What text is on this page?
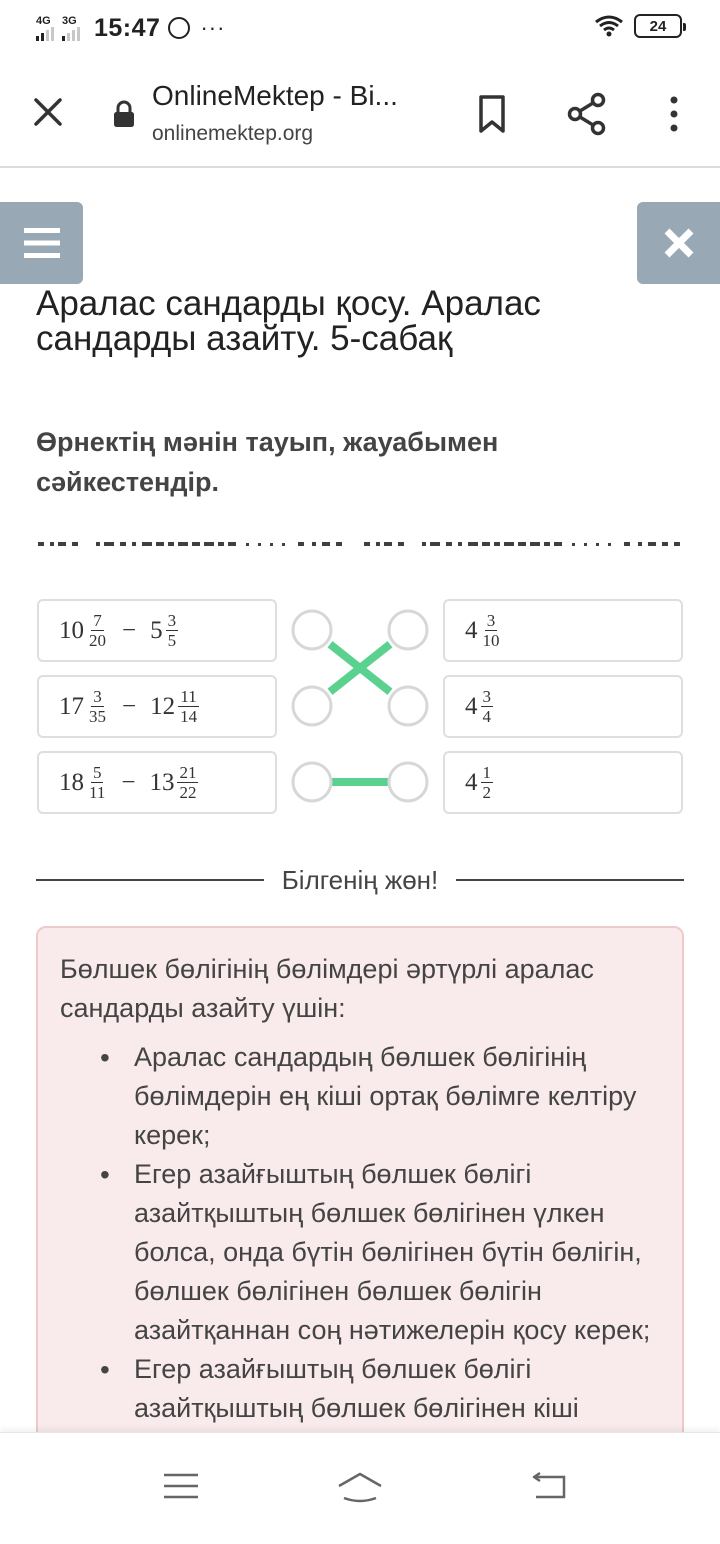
4G 3G 15:47 ···	24
OnlineMektep - Bi...
onlinemektep.org
Аралас сандарды қосу. Аралас сандарды азайту. 5-сабақ
Өрнектің мәнін тауып, жауабымен сәйкестендір.
$10 \frac{7}{20} - 5 \frac{3}{5}$
$17 \frac{3}{35} - 12 \frac{11}{14}$
$18 \frac{5}{11} - 13 \frac{21}{22}$
$4 \frac{3}{10}$
$4 \frac{3}{4}$
$4 \frac{1}{2}$
Білгенің жөн!

Бөлшек бөлігінің бөлімдері әртүрлі аралас сандарды азайту үшін:

• Аралас сандардың бөлшек бөлігінің бөлімдерін ең кіші ортақ бөлімге келтіру керек;
• Егер азайғыштың бөлшек бөлігі азайтқыштың бөлшек бөлігінен үлкен болса, онда бүтін бөлігінен бүтін бөлігін, бөлшек бөлігінен бөлшек бөлігін азайтқаннан соң нәтижелерін қосу керек;
• Егер азайғыштың бөлшек бөлігі азайтқыштың бөлшек бөлігінен кіші
